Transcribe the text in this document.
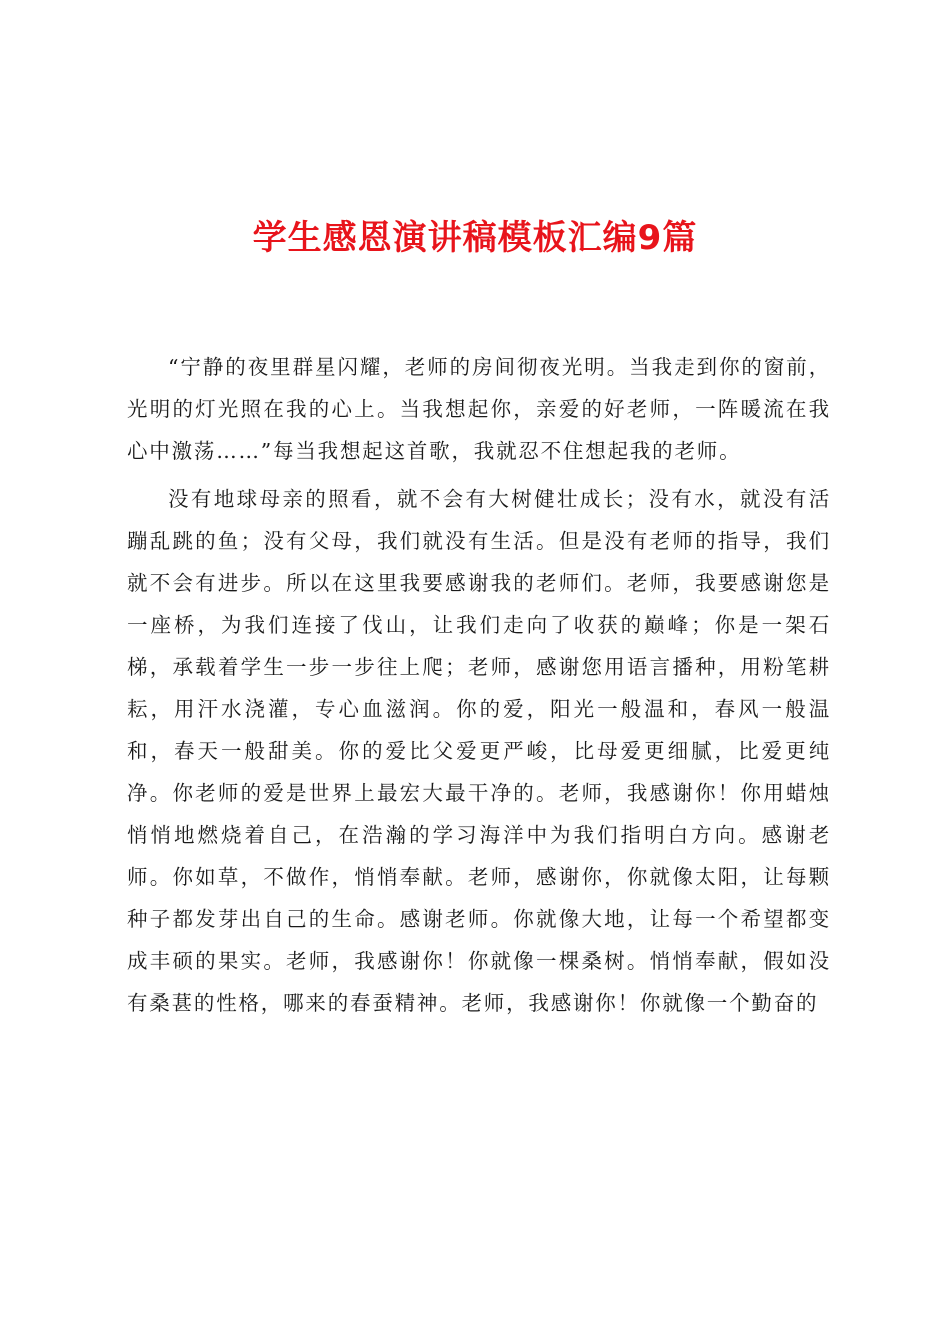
学生感恩演讲稿模板汇编9篇

“宁静的夜里群星闪耀，老师的房间彻夜光明。当我走到你的窗前，光明的灯光照在我的心上。当我想起你，亲爱的好老师，一阵暖流在我心中激荡……”每当我想起这首歌，我就忍不住想起我的老师。

没有地球母亲的照看，就不会有大树健壮成长；没有水，就没有活蹦乱跳的鱼；没有父母，我们就没有生活。但是没有老师的指导，我们就不会有进步。所以在这里我要感谢我的老师们。老师，我要感谢您是一座桥，为我们连接了伐山，让我们走向了收获的巅峰；你是一架石梯，承载着学生一步一步往上爬；老师，感谢您用语言播种，用粉笔耕耘，用汗水浇灌，专心血滋润。你的爱，阳光一般温和，春风一般温和，春天一般甜美。你的爱比父爱更严峻，比母爱更细腻，比爱更纯净。你老师的爱是世界上最宏大最干净的。老师，我感谢你！你用蜡烛悄悄地燃烧着自己，在浩瀚的学习海洋中为我们指明白方向。感谢老师。你如草，不做作，悄悄奉献。老师，感谢你，你就像太阳，让每颗种子都发芽出自己的生命。感谢老师。你就像大地，让每一个希望都变成丰硕的果实。老师，我感谢你！你就像一棵桑树。悄悄奉献，假如没有桑葚的性格，哪来的春蚕精神。老师，我感谢你！你就像一个勤奋的
